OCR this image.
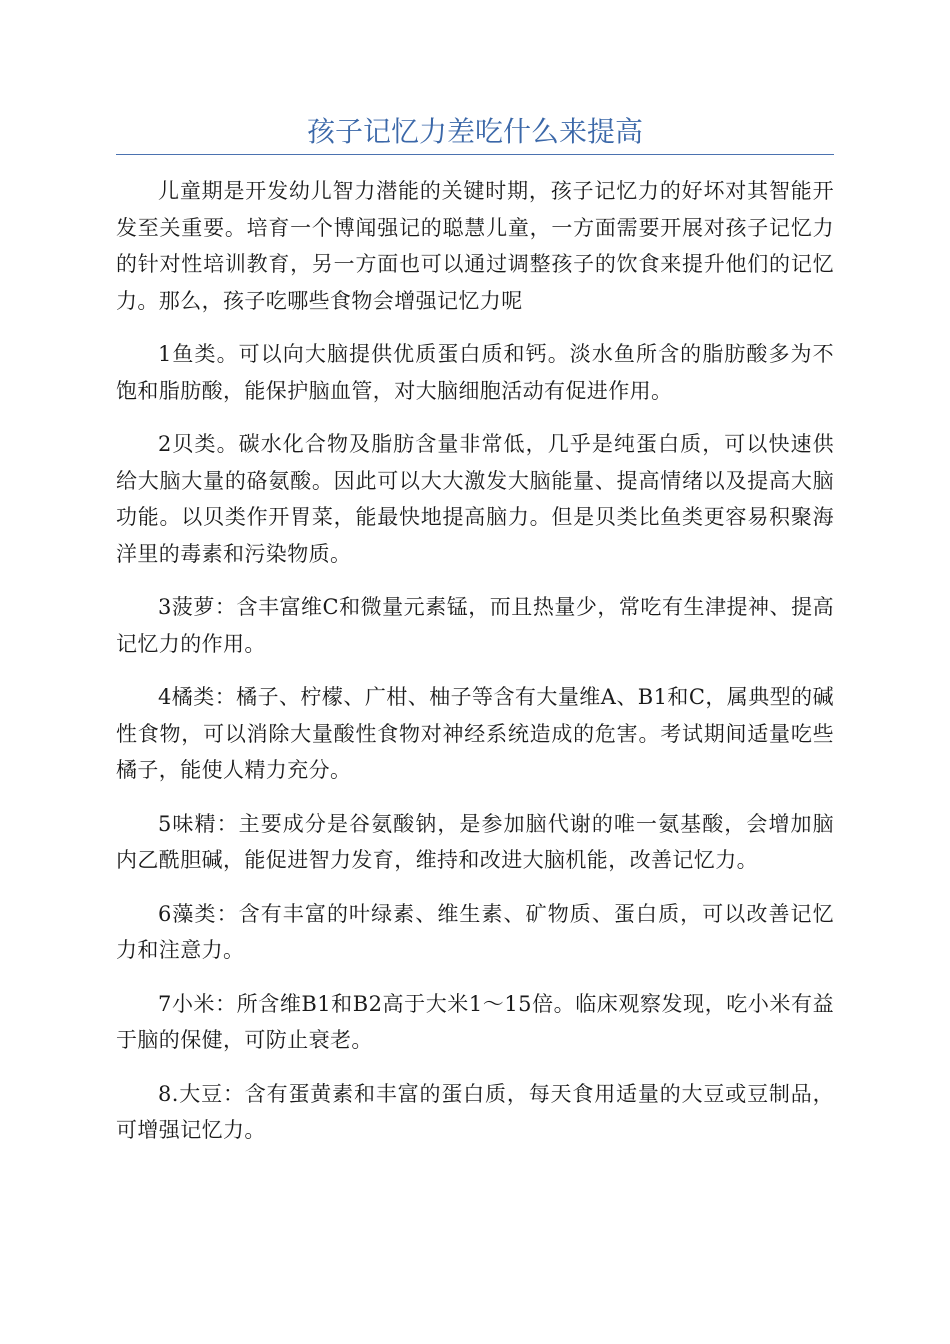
孩子记忆力差吃什么来提高

儿童期是开发幼儿智力潜能的关键时期，孩子记忆力的好坏对其智能开发至关重要。培育一个博闻强记的聪慧儿童，一方面需要开展对孩子记忆力的针对性培训教育，另一方面也可以通过调整孩子的饮食来提升他们的记忆力。那么，孩子吃哪些食物会增强记忆力呢

1鱼类。可以向大脑提供优质蛋白质和钙。淡水鱼所含的脂肪酸多为不饱和脂肪酸，能保护脑血管，对大脑细胞活动有促进作用。

2贝类。碳水化合物及脂肪含量非常低，几乎是纯蛋白质，可以快速供给大脑大量的硌氨酸。因此可以大大激发大脑能量、提高情绪以及提高大脑功能。以贝类作开胃菜，能最快地提高脑力。但是贝类比鱼类更容易积聚海洋里的毒素和污染物质。

3菠萝：含丰富维C和微量元素锰，而且热量少，常吃有生津提神、提高记忆力的作用。

4橘类：橘子、柠檬、广柑、柚子等含有大量维A、B1和C，属典型的碱性食物，可以消除大量酸性食物对神经系统造成的危害。考试期间适量吃些橘子，能使人精力充分。

5味精：主要成分是谷氨酸钠，是参加脑代谢的唯一氨基酸，会增加脑内乙酰胆碱，能促进智力发育，维持和改进大脑机能，改善记忆力。

6藻类：含有丰富的叶绿素、维生素、矿物质、蛋白质，可以改善记忆力和注意力。

7小米：所含维B1和B2高于大米1～15倍。临床观察发现，吃小米有益于脑的保健，可防止衰老。

8.大豆：含有蛋黄素和丰富的蛋白质，每天食用适量的大豆或豆制品，可增强记忆力。
